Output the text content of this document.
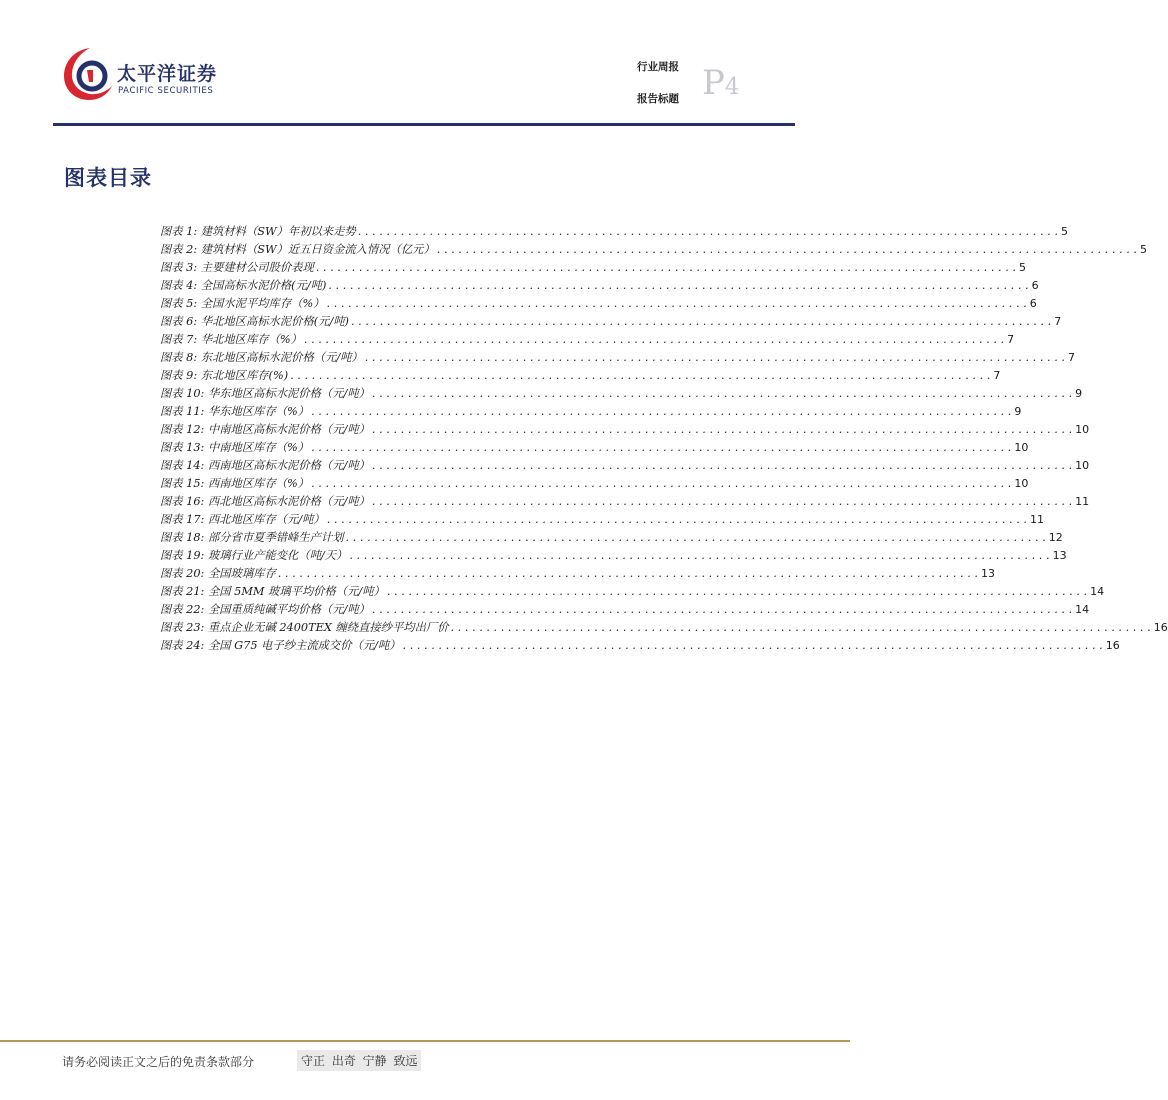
太平洋证券
PACIFIC SECURITIES
行业周报
报告标题 P4
图表目录
图表 1: 建筑材料（SW）年初以来走势 . . . . . . . . . . . . . . . . . . . . . . . . . . . . . . . . . . . . . . . . . . . . . . . . . . . . . . . . . . . . . . . . . . . . . . . . . . . . . . . . . . . . . . . . . . . . . . . . . . 5
图表 2: 建筑材料（SW）近五日资金流入情况（亿元） . . . . . . . . . . . . . . . . . . . . . . . . . . . . . . . . . . . . . . . . . . . . . . . . . . . . . . . . . . . . . . . . . . . . . . . . . . . . . . . . . . . . . . . . . . . . . . . . . . 5
图表 3: 主要建材公司股价表现 . . . . . . . . . . . . . . . . . . . . . . . . . . . . . . . . . . . . . . . . . . . . . . . . . . . . . . . . . . . . . . . . . . . . . . . . . . . . . . . . . . . . . . . . . . . . . . . . . . 5
图表 4: 全国高标水泥价格(元/吨) . . . . . . . . . . . . . . . . . . . . . . . . . . . . . . . . . . . . . . . . . . . . . . . . . . . . . . . . . . . . . . . . . . . . . . . . . . . . . . . . . . . . . . . . . . . . . . . . . . 6
图表 5: 全国水泥平均库存（%） . . . . . . . . . . . . . . . . . . . . . . . . . . . . . . . . . . . . . . . . . . . . . . . . . . . . . . . . . . . . . . . . . . . . . . . . . . . . . . . . . . . . . . . . . . . . . . . . . . 6
图表 6: 华北地区高标水泥价格(元/吨) . . . . . . . . . . . . . . . . . . . . . . . . . . . . . . . . . . . . . . . . . . . . . . . . . . . . . . . . . . . . . . . . . . . . . . . . . . . . . . . . . . . . . . . . . . . . . . . . . . 7
图表 7: 华北地区库存（%） . . . . . . . . . . . . . . . . . . . . . . . . . . . . . . . . . . . . . . . . . . . . . . . . . . . . . . . . . . . . . . . . . . . . . . . . . . . . . . . . . . . . . . . . . . . . . . . . . . 7
图表 8: 东北地区高标水泥价格（元/吨） . . . . . . . . . . . . . . . . . . . . . . . . . . . . . . . . . . . . . . . . . . . . . . . . . . . . . . . . . . . . . . . . . . . . . . . . . . . . . . . . . . . . . . . . . . . . . . . . . . 7
图表 9: 东北地区库存(%) . . . . . . . . . . . . . . . . . . . . . . . . . . . . . . . . . . . . . . . . . . . . . . . . . . . . . . . . . . . . . . . . . . . . . . . . . . . . . . . . . . . . . . . . . . . . . . . . . . 7
图表 10: 华东地区高标水泥价格（元/吨） . . . . . . . . . . . . . . . . . . . . . . . . . . . . . . . . . . . . . . . . . . . . . . . . . . . . . . . . . . . . . . . . . . . . . . . . . . . . . . . . . . . . . . . . . . . . . . . . . . 9
图表 11: 华东地区库存（%） . . . . . . . . . . . . . . . . . . . . . . . . . . . . . . . . . . . . . . . . . . . . . . . . . . . . . . . . . . . . . . . . . . . . . . . . . . . . . . . . . . . . . . . . . . . . . . . . . . 9
图表 12: 中南地区高标水泥价格（元/吨） . . . . . . . . . . . . . . . . . . . . . . . . . . . . . . . . . . . . . . . . . . . . . . . . . . . . . . . . . . . . . . . . . . . . . . . . . . . . . . . . . . . . . . . . . . . . . . . . . . 10
图表 13: 中南地区库存（%） . . . . . . . . . . . . . . . . . . . . . . . . . . . . . . . . . . . . . . . . . . . . . . . . . . . . . . . . . . . . . . . . . . . . . . . . . . . . . . . . . . . . . . . . . . . . . . . . . . 10
图表 14: 西南地区高标水泥价格（元/吨） . . . . . . . . . . . . . . . . . . . . . . . . . . . . . . . . . . . . . . . . . . . . . . . . . . . . . . . . . . . . . . . . . . . . . . . . . . . . . . . . . . . . . . . . . . . . . . . . . . 10
图表 15: 西南地区库存（%） . . . . . . . . . . . . . . . . . . . . . . . . . . . . . . . . . . . . . . . . . . . . . . . . . . . . . . . . . . . . . . . . . . . . . . . . . . . . . . . . . . . . . . . . . . . . . . . . . . 10
图表 16: 西北地区高标水泥价格（元/吨） . . . . . . . . . . . . . . . . . . . . . . . . . . . . . . . . . . . . . . . . . . . . . . . . . . . . . . . . . . . . . . . . . . . . . . . . . . . . . . . . . . . . . . . . . . . . . . . . . . 11
图表 17: 西北地区库存（元/吨） . . . . . . . . . . . . . . . . . . . . . . . . . . . . . . . . . . . . . . . . . . . . . . . . . . . . . . . . . . . . . . . . . . . . . . . . . . . . . . . . . . . . . . . . . . . . . . . . . . 11
图表 18: 部分省市夏季错峰生产计划 . . . . . . . . . . . . . . . . . . . . . . . . . . . . . . . . . . . . . . . . . . . . . . . . . . . . . . . . . . . . . . . . . . . . . . . . . . . . . . . . . . . . . . . . . . . . . . . . . . 12
图表 19: 玻璃行业产能变化（吨/天） . . . . . . . . . . . . . . . . . . . . . . . . . . . . . . . . . . . . . . . . . . . . . . . . . . . . . . . . . . . . . . . . . . . . . . . . . . . . . . . . . . . . . . . . . . . . . . . . . . 13
图表 20: 全国玻璃库存 . . . . . . . . . . . . . . . . . . . . . . . . . . . . . . . . . . . . . . . . . . . . . . . . . . . . . . . . . . . . . . . . . . . . . . . . . . . . . . . . . . . . . . . . . . . . . . . . . . 13
图表 21: 全国 5MM 玻璃平均价格（元/吨） . . . . . . . . . . . . . . . . . . . . . . . . . . . . . . . . . . . . . . . . . . . . . . . . . . . . . . . . . . . . . . . . . . . . . . . . . . . . . . . . . . . . . . . . . . . . . . . . . . 14
图表 22: 全国重质纯碱平均价格（元/吨） . . . . . . . . . . . . . . . . . . . . . . . . . . . . . . . . . . . . . . . . . . . . . . . . . . . . . . . . . . . . . . . . . . . . . . . . . . . . . . . . . . . . . . . . . . . . . . . . . . 14
图表 23: 重点企业无碱 2400TEX 缠绕直接纱平均出厂价 . . . . . . . . . . . . . . . . . . . . . . . . . . . . . . . . . . . . . . . . . . . . . . . . . . . . . . . . . . . . . . . . . . . . . . . . . . . . . . . . . . . . . . . . . . . . . . . . . . 16
图表 24: 全国 G75 电子纱主流成交价（元/吨） . . . . . . . . . . . . . . . . . . . . . . . . . . . . . . . . . . . . . . . . . . . . . . . . . . . . . . . . . . . . . . . . . . . . . . . . . . . . . . . . . . . . . . . . . . . . . . . . . . 16
请务必阅读正文之后的免责条款部分	守正 出奇 宁静 致远
